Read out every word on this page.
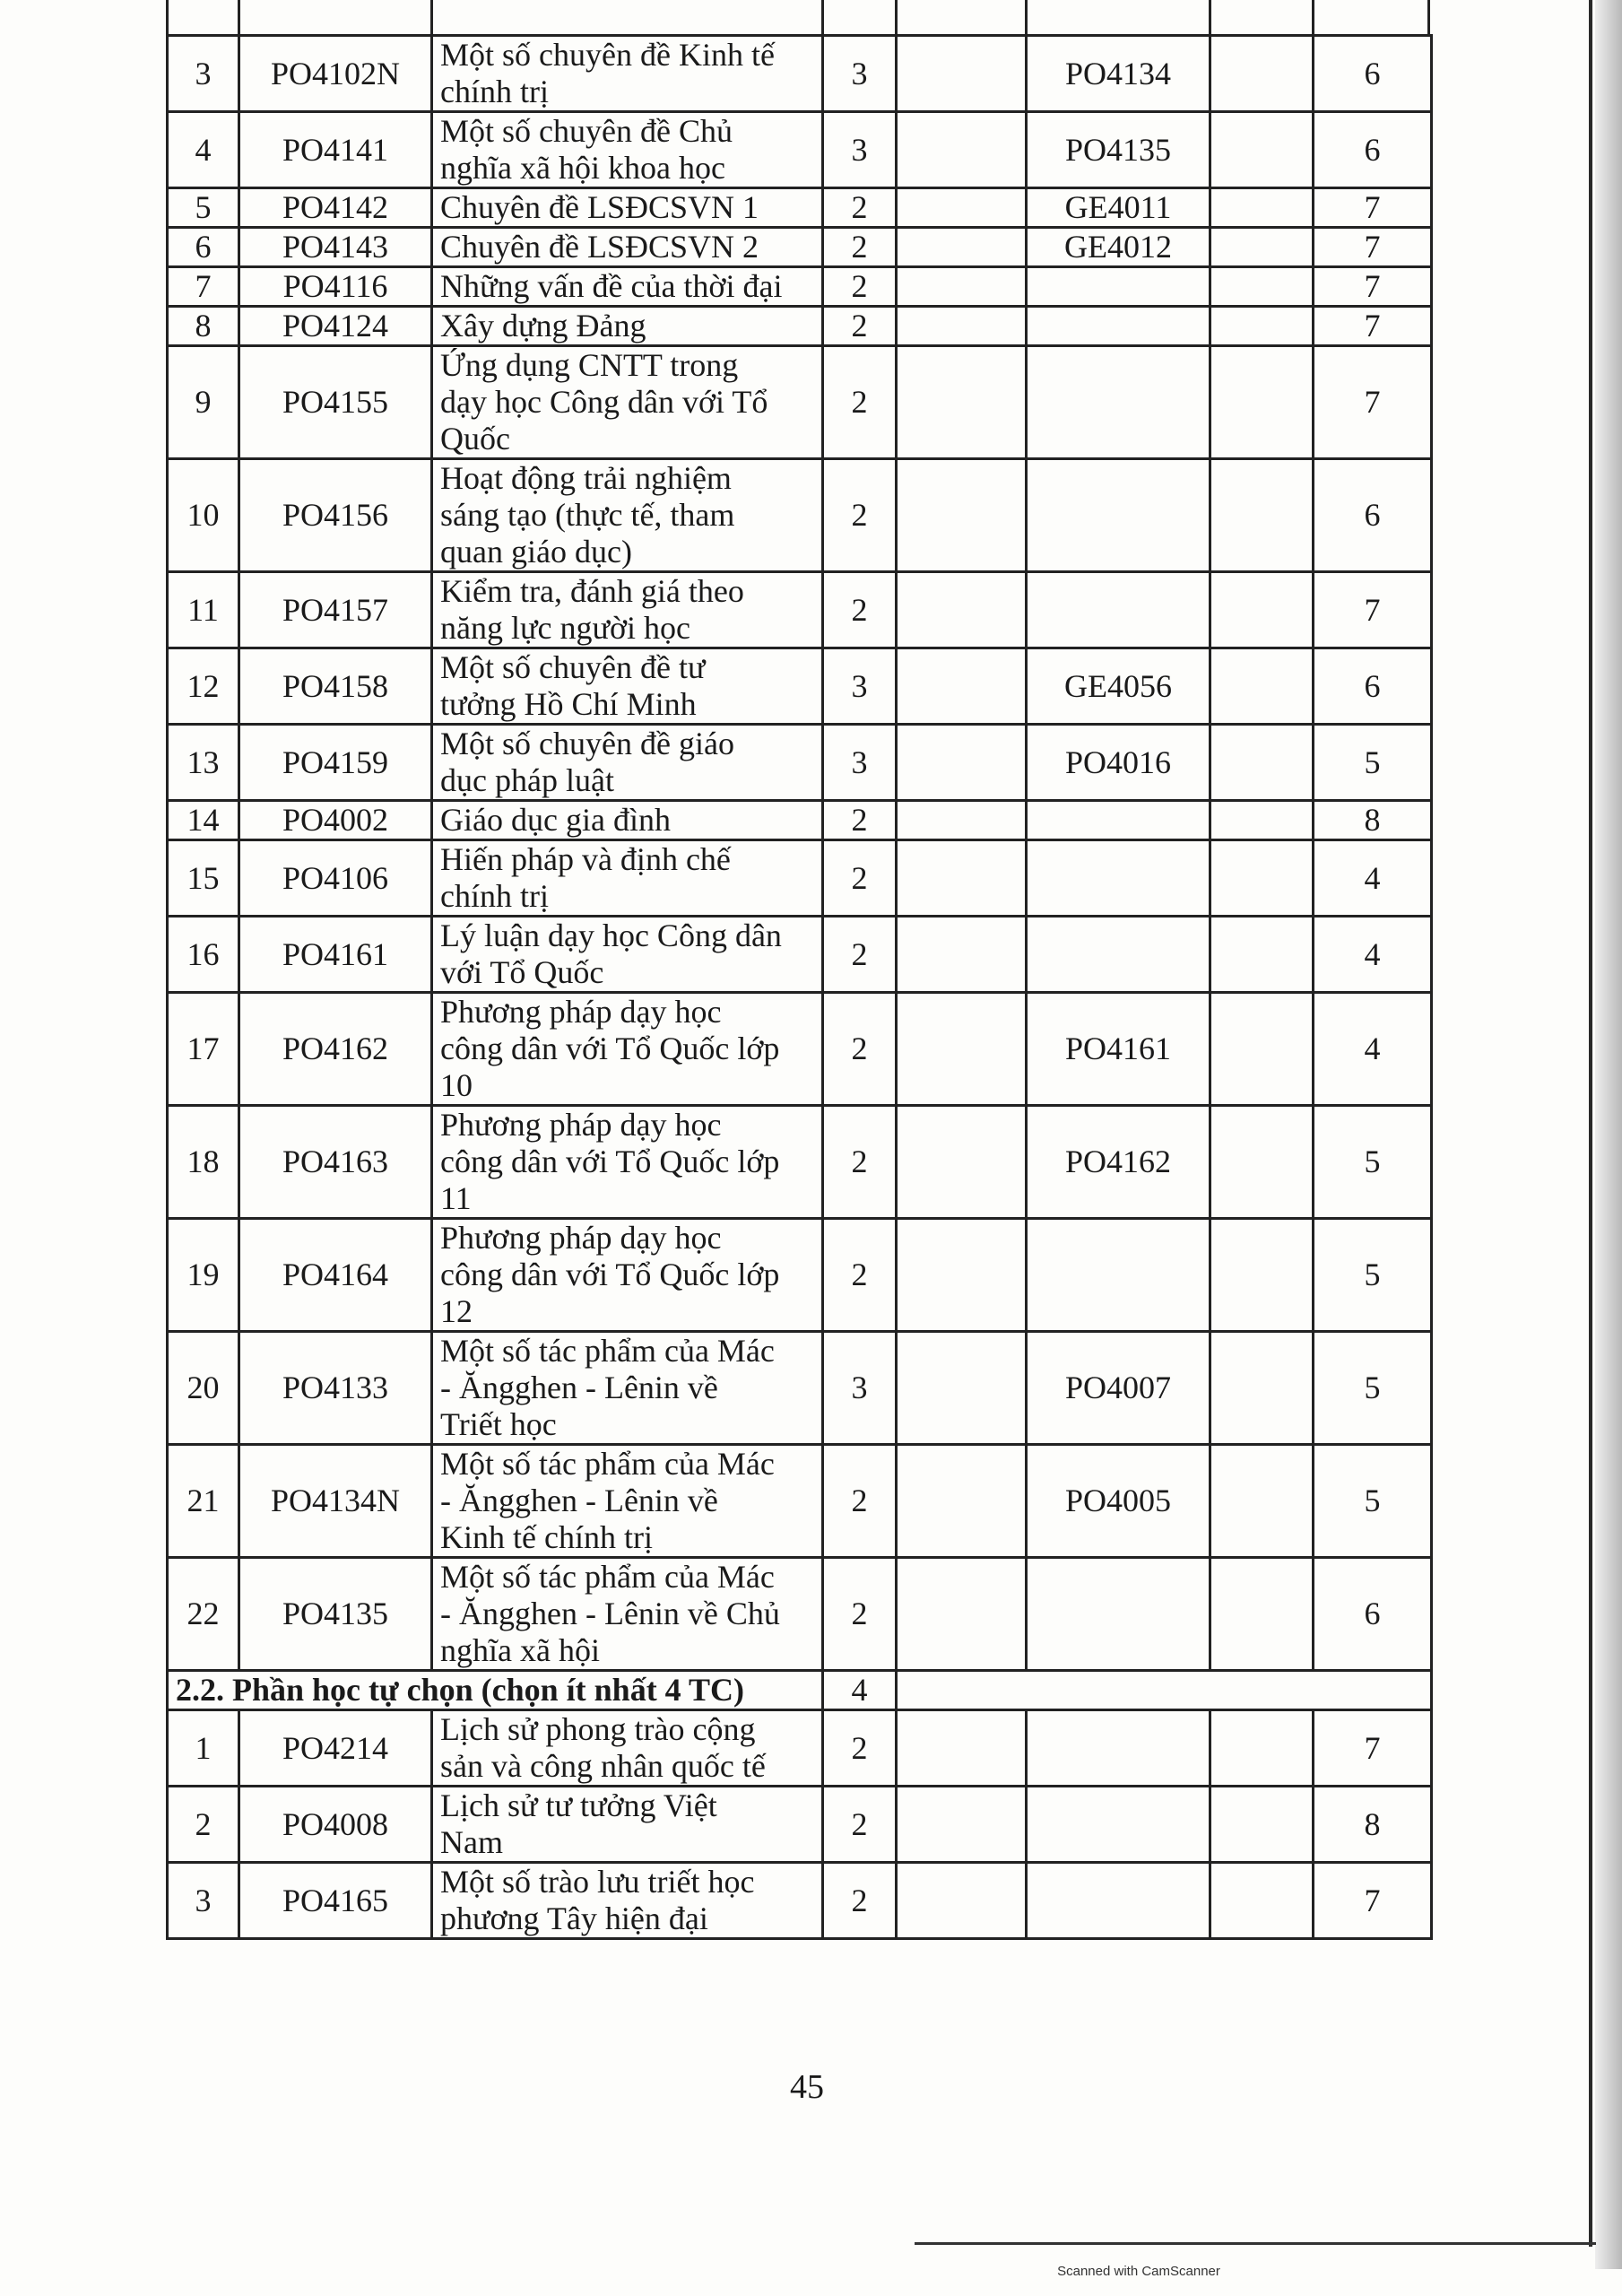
3	PO4102N	Một số chuyên đề Kinh tế
chính trị	3		PO4134		6
4	PO4141	Một số chuyên đề Chủ
nghĩa xã hội khoa học	3		PO4135		6
5	PO4142	Chuyên đề LSĐCSVN 1	2		GE4011		7
6	PO4143	Chuyên đề LSĐCSVN 2	2		GE4012		7
7	PO4116	Những vấn đề của thời đại	2				7
8	PO4124	Xây dựng Đảng	2				7
9	PO4155	Ứng dụng CNTT trong
dạy học Công dân với Tổ
Quốc	2				7
10	PO4156	Hoạt động trải nghiệm
sáng tạo (thực tế, tham
quan giáo dục)	2				6
11	PO4157	Kiểm tra, đánh giá theo
năng lực người học	2				7
12	PO4158	Một số chuyên đề tư
tưởng Hồ Chí Minh	3		GE4056		6
13	PO4159	Một số chuyên đề giáo
dục pháp luật	3		PO4016		5
14	PO4002	Giáo dục gia đình	2				8
15	PO4106	Hiến pháp và định chế
chính trị	2				4
16	PO4161	Lý luận dạy học Công dân
với Tổ Quốc	2				4
17	PO4162	Phương pháp dạy học
công dân với Tổ Quốc lớp
10	2		PO4161		4
18	PO4163	Phương pháp dạy học
công dân với Tổ Quốc lớp
11	2		PO4162		5
19	PO4164	Phương pháp dạy học
công dân với Tổ Quốc lớp
12	2				5
20	PO4133	Một số tác phẩm của Mác
- Ăngghen - Lênin về
Triết học	3		PO4007		5
21	PO4134N	Một số tác phẩm của Mác
- Ăngghen - Lênin về
Kinh tế chính trị	2		PO4005		5
22	PO4135	Một số tác phẩm của Mác
- Ăngghen - Lênin về Chủ
nghĩa xã hội	2				6
2.2. Phần học tự chọn (chọn ít nhất 4 TC)			4				
1	PO4214	Lịch sử phong trào cộng
sản và công nhân quốc tế	2				7
2	PO4008	Lịch sử tư tưởng Việt
Nam	2				8
3	PO4165	Một số trào lưu triết học
phương Tây hiện đại	2				7
45
Scanned with CamScanner
